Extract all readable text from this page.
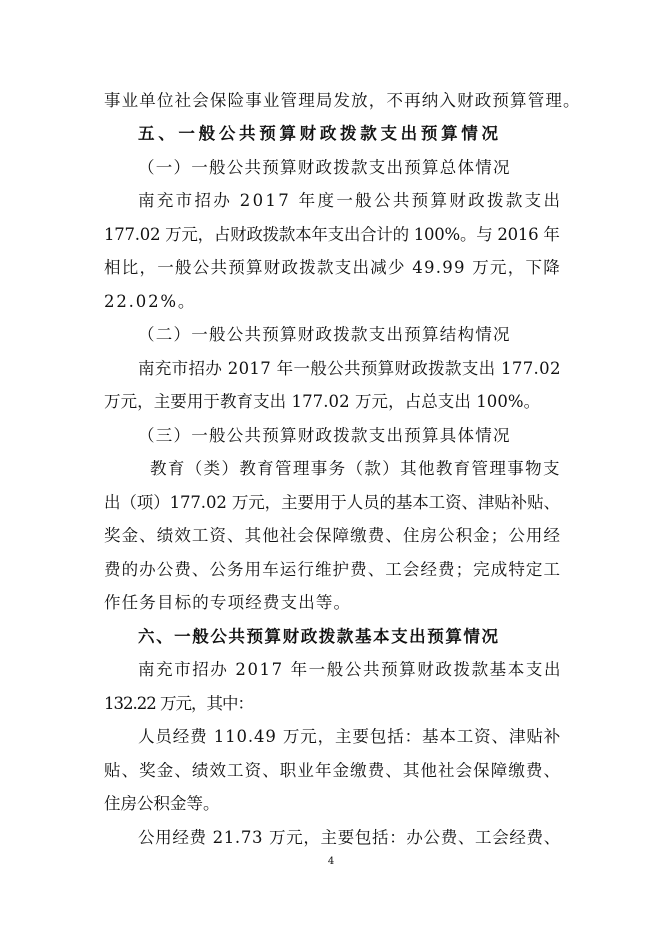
事业单位社会保险事业管理局发放，不再纳入财政预算管理。
五、一般公共预算财政拨款支出预算情况
（一）一般公共预算财政拨款支出预算总体情况
南充市招办 2017 年度一般公共预算财政拨款支出
177.02 万元，占财政拨款本年支出合计的 100%。与 2016 年
相比，一般公共预算财政拨款支出减少 49.99 万元，下降
22.02%。
（二）一般公共预算财政拨款支出预算结构情况
南充市招办 2017 年一般公共预算财政拨款支出 177.02
万元，主要用于教育支出 177.02 万元，占总支出 100%。
（三）一般公共预算财政拨款支出预算具体情况
教育（类）教育管理事务（款）其他教育管理事物支
出（项）177.02 万元，主要用于人员的基本工资、津贴补贴、
奖金、绩效工资、其他社会保障缴费、住房公积金；公用经
费的办公费、公务用车运行维护费、工会经费；完成特定工
作任务目标的专项经费支出等。
六、一般公共预算财政拨款基本支出预算情况
南充市招办 2017 年一般公共预算财政拨款基本支出
132.22 万元，其中：
人员经费 110.49 万元，主要包括：基本工资、津贴补
贴、奖金、绩效工资、职业年金缴费、其他社会保障缴费、
住房公积金等。
公用经费 21.73 万元，主要包括：办公费、工会经费、
4
